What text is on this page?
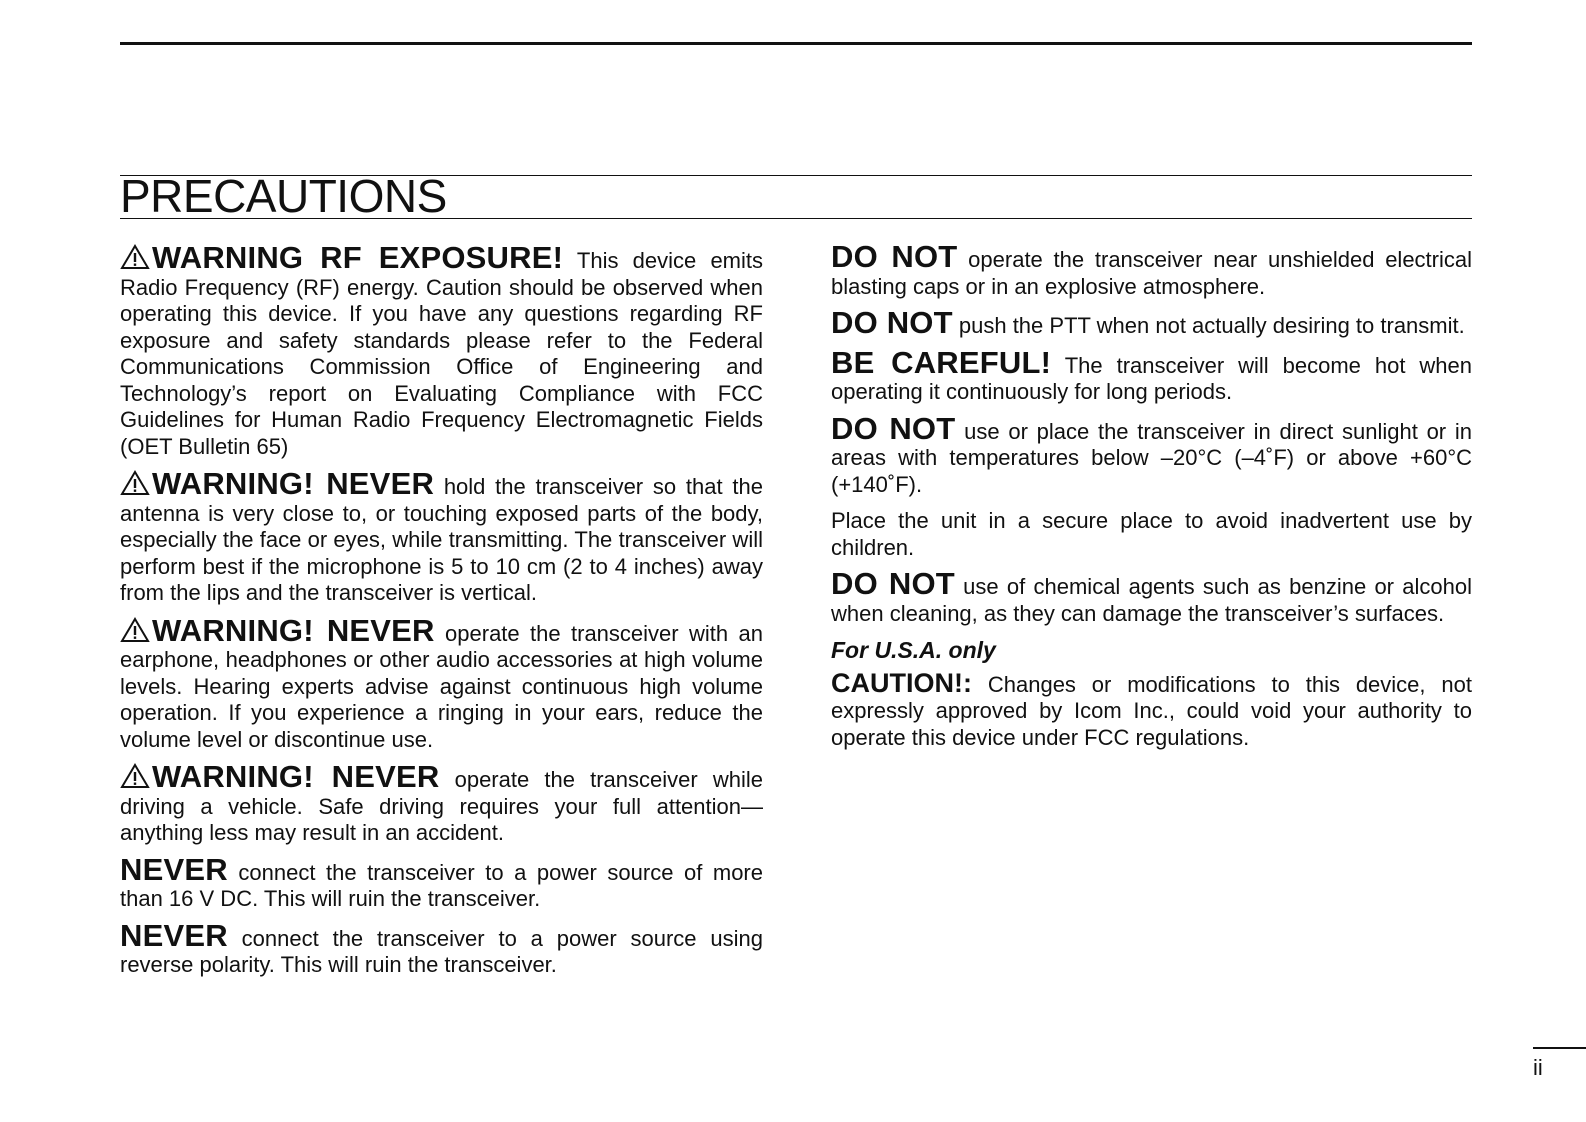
PRECAUTIONS

WARNING RF EXPOSURE! This device emits Radio Frequency (RF) energy. Caution should be observed when operating this device. If you have any questions regarding RF exposure and safety standards please refer to the Federal Communications Commission Office of Engineering and Technology’s report on Evaluating Compliance with FCC Guidelines for Human Radio Frequency Electromagnetic Fields (OET Bulletin 65)

WARNING! NEVER hold the transceiver so that the antenna is very close to, or touching exposed parts of the body, especially the face or eyes, while transmitting. The transceiver will perform best if the microphone is 5 to 10 cm (2 to 4 inches) away from the lips and the transceiver is vertical.

WARNING! NEVER operate the transceiver with an earphone, headphones or other audio accessories at high volume levels. Hearing experts advise against continuous high volume operation. If you experience a ringing in your ears, reduce the volume level or discontinue use.

WARNING! NEVER operate the transceiver while driving a vehicle. Safe driving requires your full attention—anything less may result in an accident.

NEVER connect the transceiver to a power source of more than 16 V DC. This will ruin the transceiver.

NEVER connect the transceiver to a power source using reverse polarity. This will ruin the transceiver.

DO NOT operate the transceiver near unshielded electrical blasting caps or in an explosive atmosphere.

DO NOT push the PTT when not actually desiring to transmit.

BE CAREFUL! The transceiver will become hot when operating it continuously for long periods.

DO NOT use or place the transceiver in direct sunlight or in areas with temperatures below –20°C (–4˚F) or above +60°C (+140˚F).

Place the unit in a secure place to avoid inadvertent use by children.

DO NOT use of chemical agents such as benzine or alcohol when cleaning, as they can damage the transceiver’s surfaces.

For U.S.A. only

CAUTION!: Changes or modifications to this device, not expressly approved by Icom Inc., could void your authority to operate this device under FCC regulations.

ii
